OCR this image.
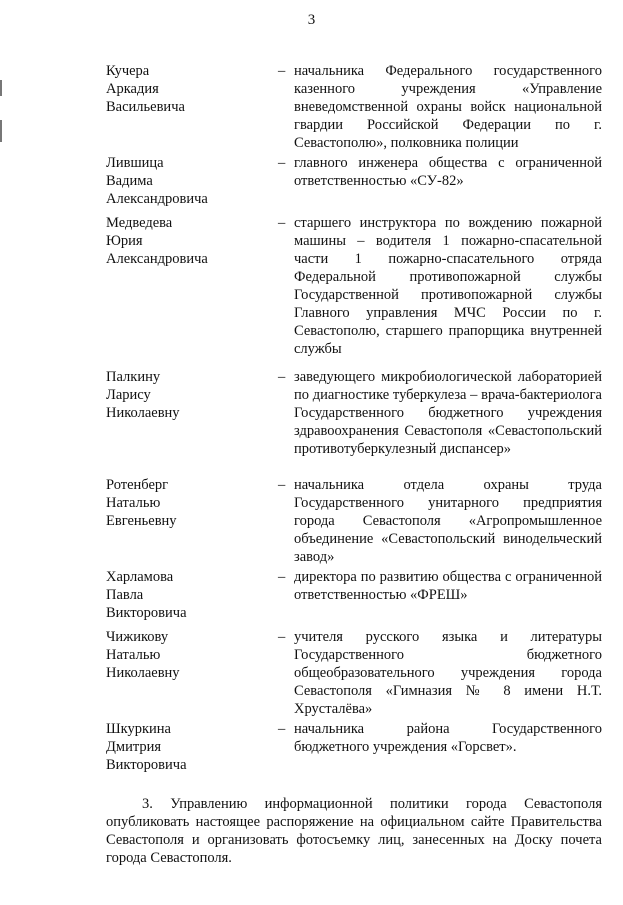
3
Кучера
Аркадия
Васильевича
– начальника Федерального государственного казенного учреждения «Управление вневедомственной охраны войск национальной гвардии Российской Федерации по г. Севастополю», полковника полиции
Лившица
Вадима
Александровича
– главного инженера общества с ограниченной ответственностью «СУ-82»
Медведева
Юрия
Александровича
– старшего инструктора по вождению пожарной машины – водителя 1 пожарно-спасательной части 1 пожарно-спасательного отряда Федеральной противопожарной службы Государственной противопожарной службы Главного управления МЧС России по г. Севастополю, старшего прапорщика внутренней службы
Палкину
Ларису
Николаевну
– заведующего микробиологической лабораторией по диагностике туберкулеза – врача-бактериолога Государственного бюджетного учреждения здравоохранения Севастополя «Севастопольский противотуберкулезный диспансер»
Ротенберг
Наталью
Евгеньевну
– начальника отдела охраны труда Государственного унитарного предприятия города Севастополя «Агропромышленное объединение «Севастопольский винодельческий завод»
Харламова
Павла
Викторовича
– директора по развитию общества с ограниченной ответственностью «ФРЕШ»
Чижикову
Наталью
Николаевну
– учителя русского языка и литературы Государственного бюджетного общеобразовательного учреждения города Севастополя «Гимназия № 8 имени Н.Т. Хрусталёва»
Шкуркина
Дмитрия
Викторовича
– начальника района Государственного бюджетного учреждения «Горсвет».
3. Управлению информационной политики города Севастополя опубликовать настоящее распоряжение на официальном сайте Правительства Севастополя и организовать фотосъемку лиц, занесенных на Доску почета города Севастополя.
